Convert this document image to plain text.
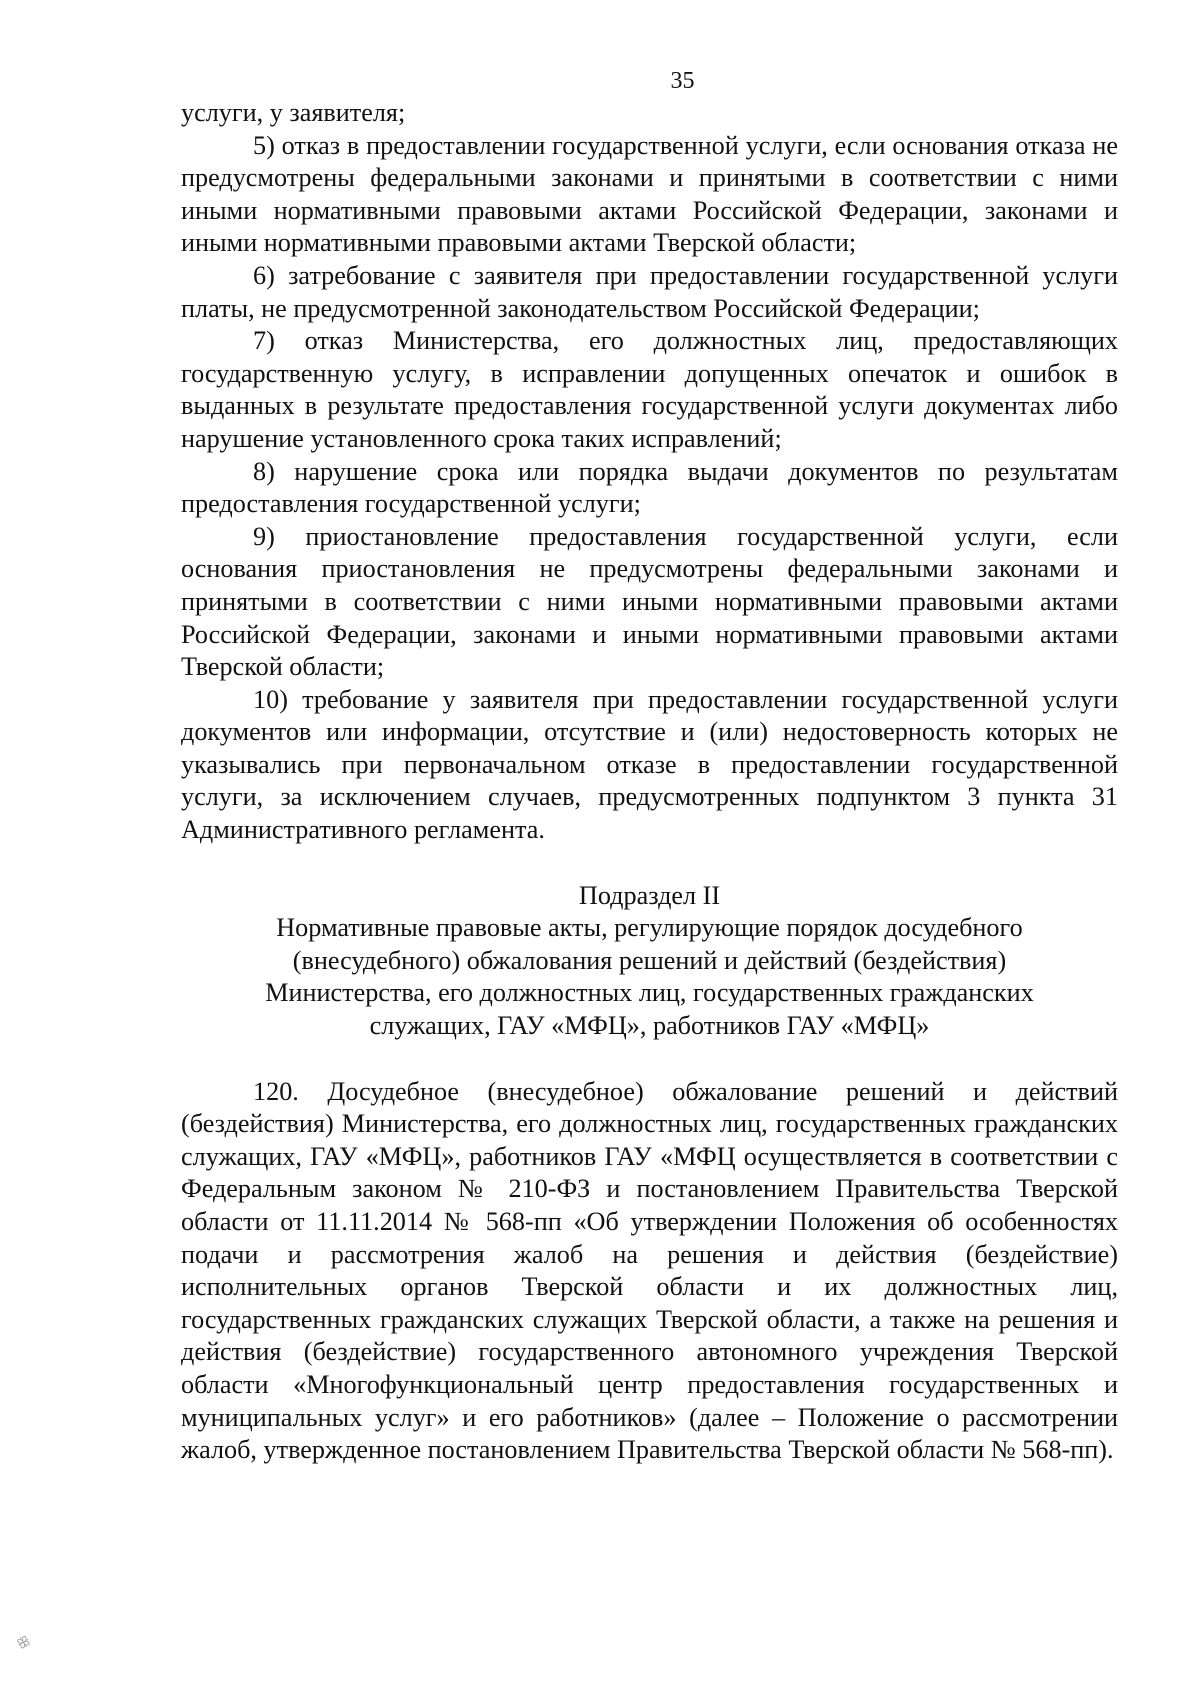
35

услуги, у заявителя;

5) отказ в предоставлении государственной услуги, если основания отказа не предусмотрены федеральными законами и принятыми в соответствии с ними иными нормативными правовыми актами Российской Федерации, законами и иными нормативными правовыми актами Тверской области;

6) затребование с заявителя при предоставлении государственной услуги платы, не предусмотренной законодательством Российской Федерации;

7) отказ Министерства, его должностных лиц, предоставляющих государственную услугу, в исправлении допущенных опечаток и ошибок в выданных в результате предоставления государственной услуги документах либо нарушение установленного срока таких исправлений;

8) нарушение срока или порядка выдачи документов по результатам предоставления государственной услуги;

9) приостановление предоставления государственной услуги, если основания приостановления не предусмотрены федеральными законами и принятыми в соответствии с ними иными нормативными правовыми актами Российской Федерации, законами и иными нормативными правовыми актами Тверской области;

10) требование у заявителя при предоставлении государственной услуги документов или информации, отсутствие и (или) недостоверность которых не указывались при первоначальном отказе в предоставлении государственной услуги, за исключением случаев, предусмотренных подпунктом 3 пункта 31 Административного регламента.

Подраздел II
Нормативные правовые акты, регулирующие порядок досудебного
(внесудебного) обжалования решений и действий (бездействия)
Министерства, его должностных лиц, государственных гражданских
служащих, ГАУ «МФЦ», работников ГАУ «МФЦ»

120. Досудебное (внесудебное) обжалование решений и действий (бездействия) Министерства, его должностных лиц, государственных гражданских служащих, ГАУ «МФЦ», работников ГАУ «МФЦ осуществляется в соответствии с Федеральным законом № 210-ФЗ и постановлением Правительства Тверской области от 11.11.2014 № 568-пп «Об утверждении Положения об особенностях подачи и рассмотрения жалоб на решения и действия (бездействие) исполнительных органов Тверской области и их должностных лиц, государственных гражданских служащих Тверской области, а также на решения и действия (бездействие) государственного автономного учреждения Тверской области «Многофункциональный центр предоставления государственных и муниципальных услуг» и его работников» (далее – Положение о рассмотрении жалоб, утвержденное постановлением Правительства Тверской области № 568-пп).

ꕥ
